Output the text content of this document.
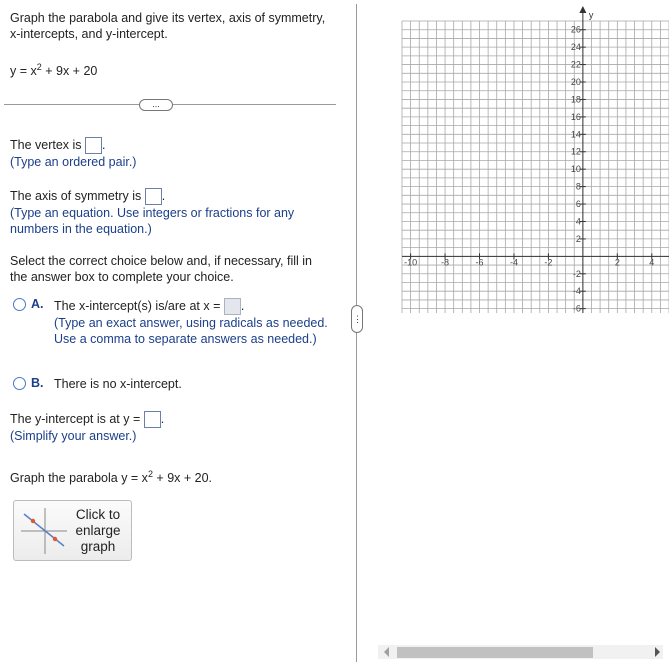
Graph the parabola and give its vertex, axis of symmetry, x-intercepts, and y-intercept.
$y = x^2 + 9x + 20$
...
The vertex is .
(Type an ordered pair.)
The axis of symmetry is .
(Type an equation. Use integers or fractions for any numbers in the equation.)
Select the correct choice below and, if necessary, fill in the answer box to complete your choice.
A. The x-intercept(s) is/are at x = .
(Type an exact answer, using radicals as needed. Use a comma to separate answers as needed.)
B. There is no x-intercept.
The y-intercept is at y = .
(Simplify your answer.)
Graph the parabola $y = x^2 + 9x + 20$.
Click to enlarge graph
⋮
y
-10	-8	-6	-4	-2	2	4
26
24
22
20
18
16
14
12
10
8
6
4
2
-2
-4
-6
